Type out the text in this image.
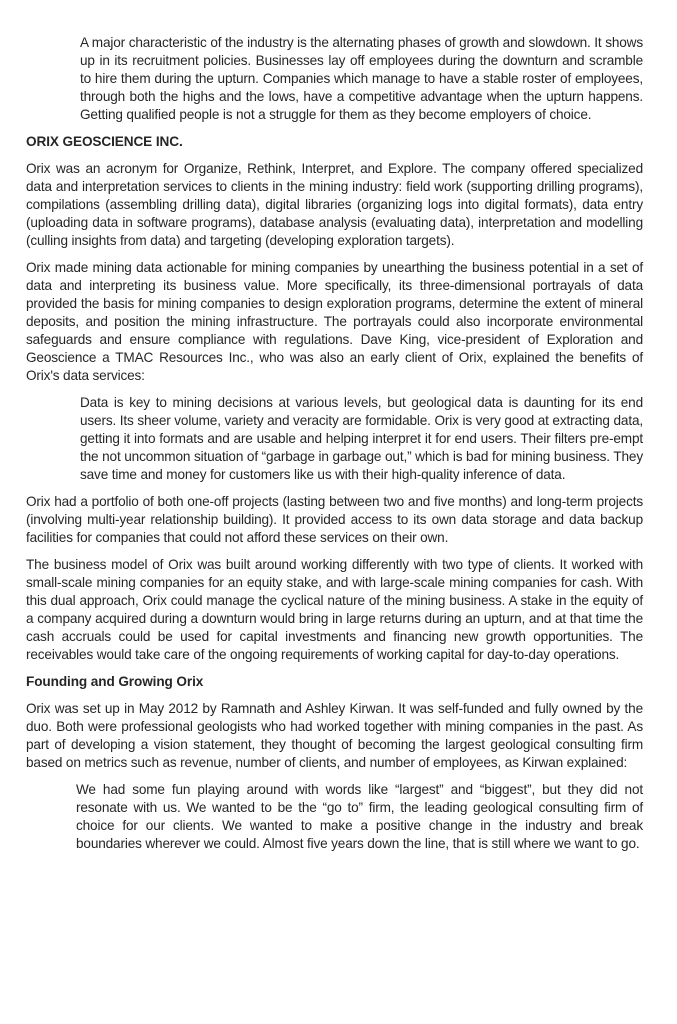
A major characteristic of the industry is the alternating phases of growth and slowdown. It shows up in its recruitment policies. Businesses lay off employees during the downturn and scramble to hire them during the upturn. Companies which manage to have a stable roster of employees, through both the highs and the lows, have a competitive advantage when the upturn happens. Getting qualified people is not a struggle for them as they become employers of choice.

ORIX GEOSCIENCE INC.

Orix was an acronym for Organize, Rethink, Interpret, and Explore. The company offered specialized data and interpretation services to clients in the mining industry: field work (supporting drilling programs), compilations (assembling drilling data), digital libraries (organizing logs into digital formats), data entry (uploading data in software programs), database analysis (evaluating data), interpretation and modelling (culling insights from data) and targeting (developing exploration targets).

Orix made mining data actionable for mining companies by unearthing the business potential in a set of data and interpreting its business value. More specifically, its three-dimensional portrayals of data provided the basis for mining companies to design exploration programs, determine the extent of mineral deposits, and position the mining infrastructure. The portrayals could also incorporate environmental safeguards and ensure compliance with regulations. Dave King, vice-president of Exploration and Geoscience a TMAC Resources Inc., who was also an early client of Orix, explained the benefits of Orix's data services:

Data is key to mining decisions at various levels, but geological data is daunting for its end users. Its sheer volume, variety and veracity are formidable. Orix is very good at extracting data, getting it into formats and are usable and helping interpret it for end users. Their filters pre-empt the not uncommon situation of “garbage in garbage out,” which is bad for mining business. They save time and money for customers like us with their high-quality inference of data.

Orix had a portfolio of both one-off projects (lasting between two and five months) and long-term projects (involving multi-year relationship building). It provided access to its own data storage and data backup facilities for companies that could not afford these services on their own.

The business model of Orix was built around working differently with two type of clients. It worked with small-scale mining companies for an equity stake, and with large-scale mining companies for cash. With this dual approach, Orix could manage the cyclical nature of the mining business. A stake in the equity of a company acquired during a downturn would bring in large returns during an upturn, and at that time the cash accruals could be used for capital investments and financing new growth opportunities. The receivables would take care of the ongoing requirements of working capital for day-to-day operations.

Founding and Growing Orix

Orix was set up in May 2012 by Ramnath and Ashley Kirwan. It was self-funded and fully owned by the duo. Both were professional geologists who had worked together with mining companies in the past. As part of developing a vision statement, they thought of becoming the largest geological consulting firm based on metrics such as revenue, number of clients, and number of employees, as Kirwan explained:

We had some fun playing around with words like “largest” and “biggest”, but they did not resonate with us. We wanted to be the “go to” firm, the leading geological consulting firm of choice for our clients. We wanted to make a positive change in the industry and break boundaries wherever we could. Almost five years down the line, that is still where we want to go.
